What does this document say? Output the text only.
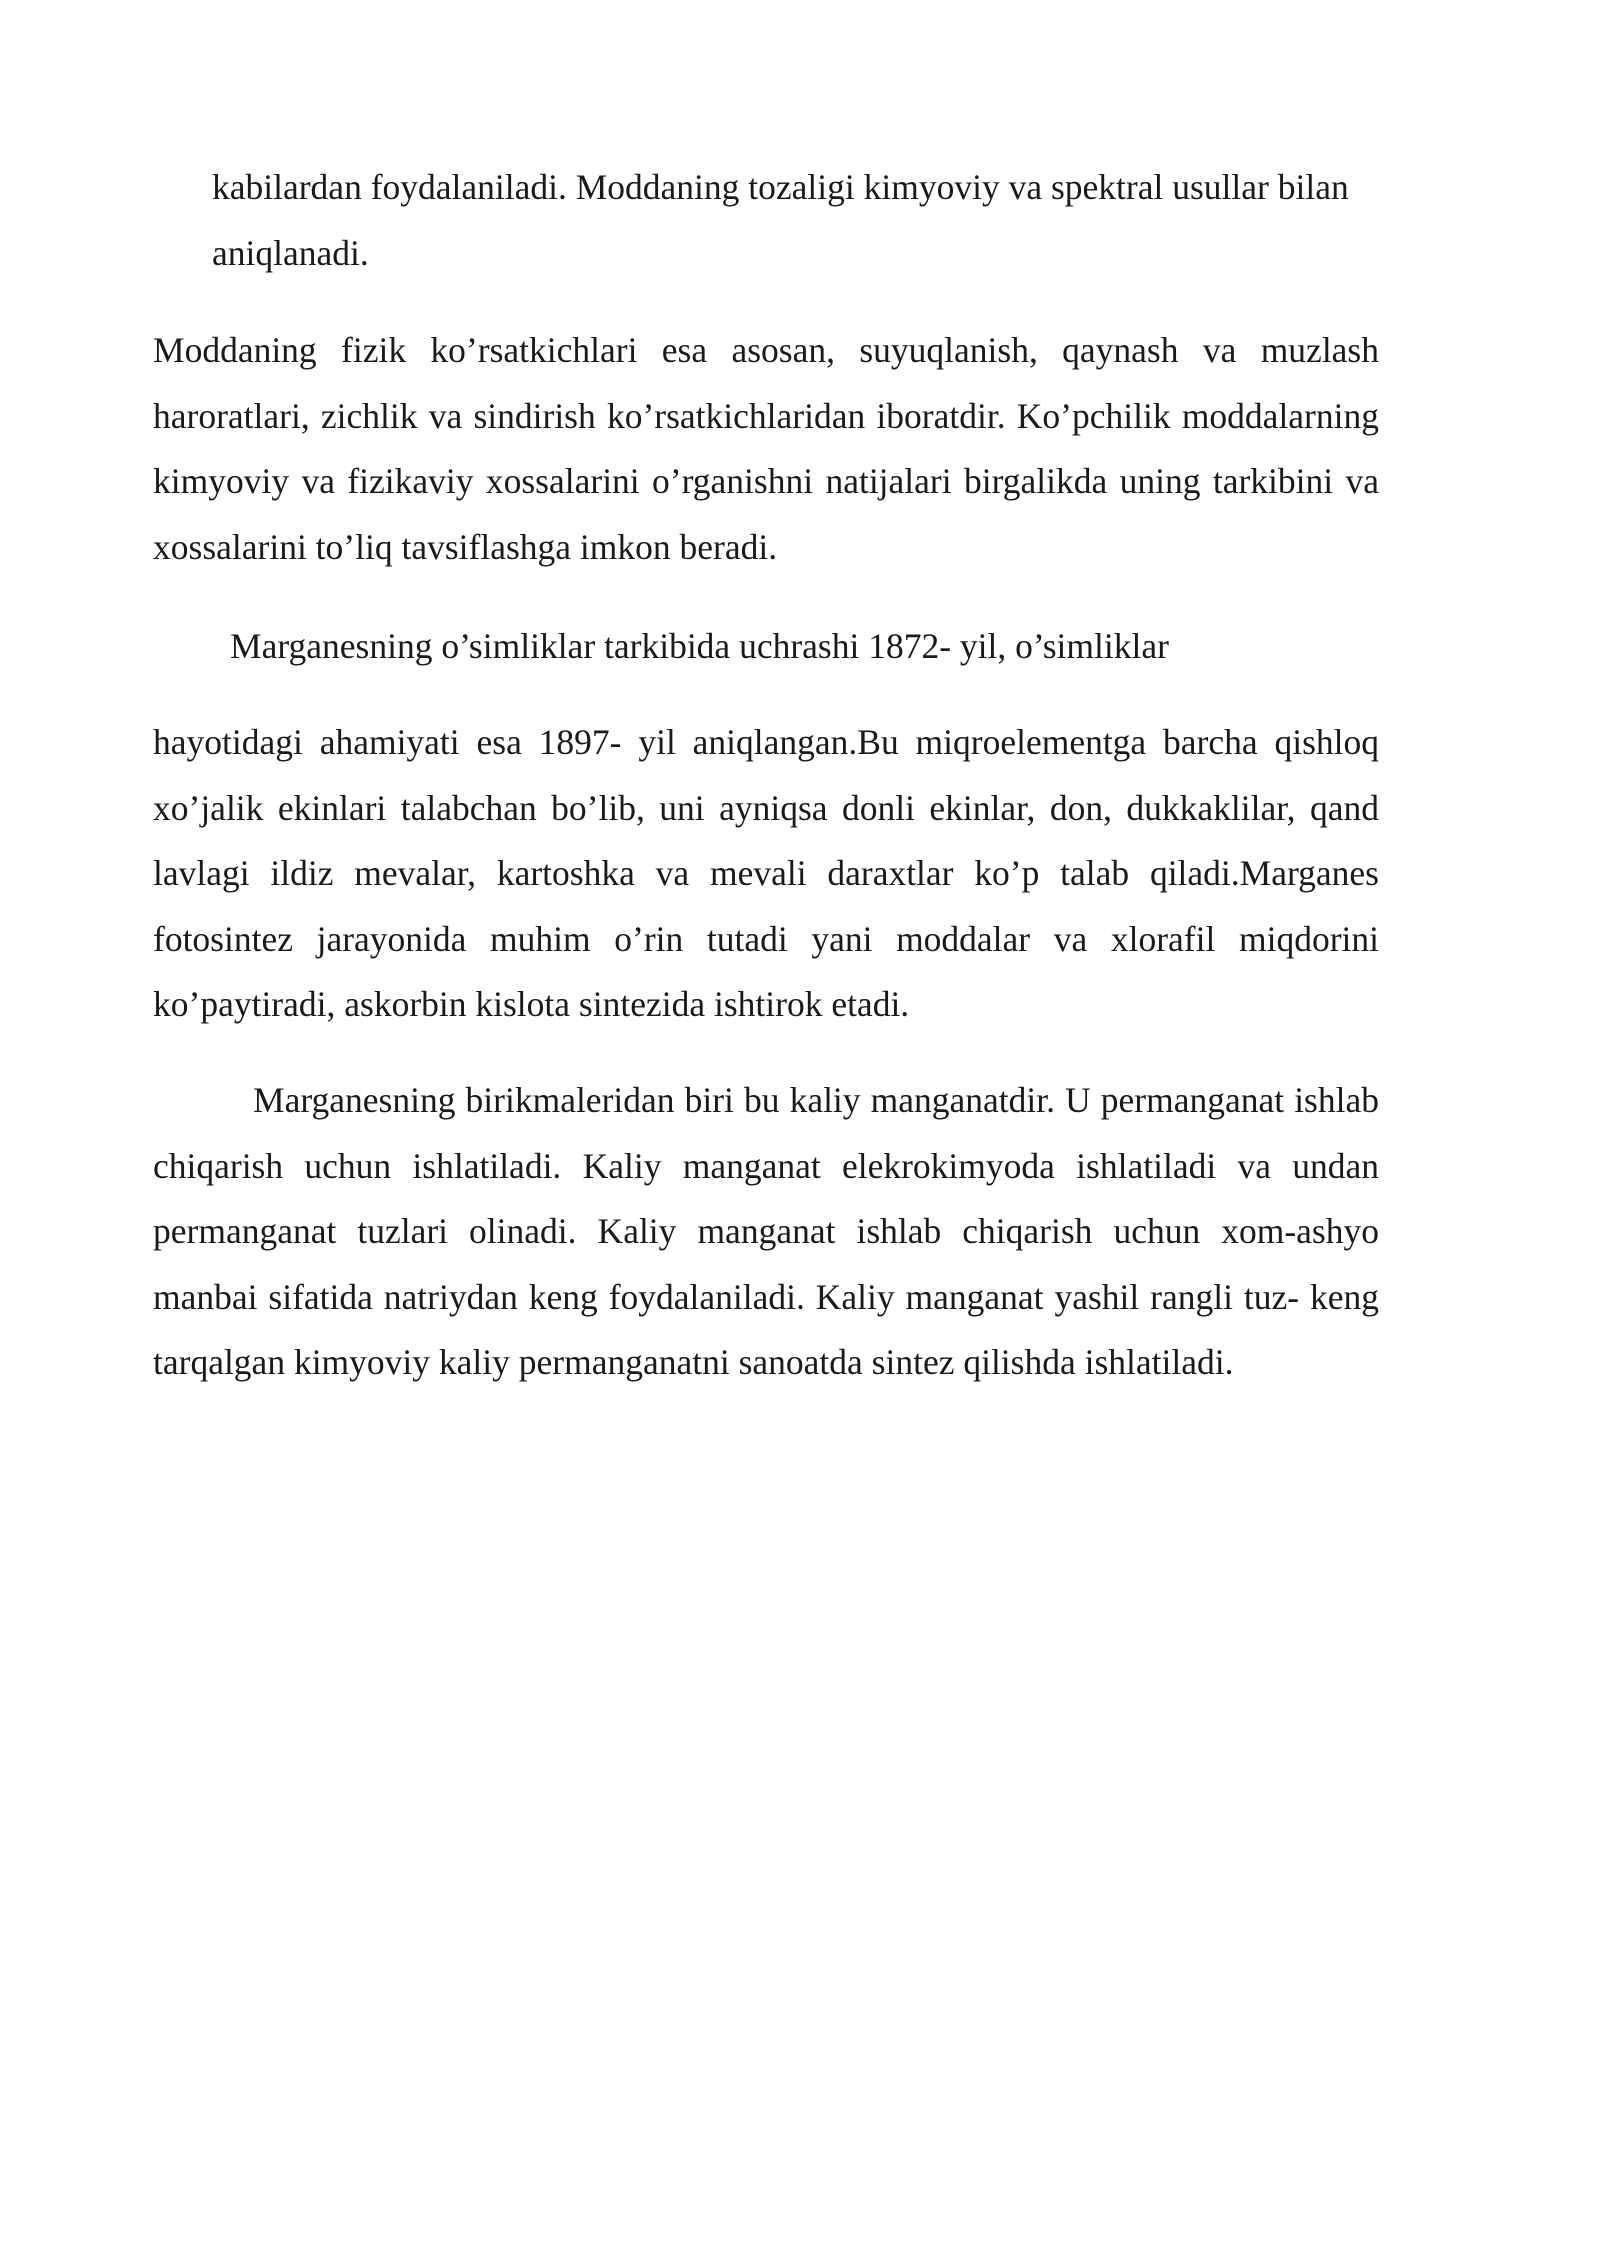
kabilardan foydalaniladi. Moddaning tozaligi kimyoviy va spektral usullar bilan aniqlanadi.

Moddaning fizik ko’rsatkichlari esa asosan, suyuqlanish, qaynash va muzlash haroratlari, zichlik va sindirish ko’rsatkichlaridan iboratdir. Ko’pchilik moddalarning kimyoviy va fizikaviy xossalarini o’rganishni natijalari birgalikda uning tarkibini va xossalarini to’liq tavsiflashga imkon beradi.

Marganesning o’simliklar tarkibida uchrashi 1872- yil, o’simliklar

hayotidagi ahamiyati esa 1897- yil aniqlangan.Bu miqroelementga barcha qishloq xo’jalik ekinlari talabchan bo’lib, uni ayniqsa donli ekinlar, don, dukkaklilar, qand lavlagi ildiz mevalar, kartoshka va mevali daraxtlar ko’p talab qiladi.Marganes fotosintez jarayonida muhim o’rin tutadi yani moddalar va xlorafil miqdorini ko’paytiradi, askorbin kislota sintezida ishtirok etadi.

Marganesning birikmaleridan biri bu kaliy manganatdir. U permanganat ishlab chiqarish uchun ishlatiladi. Kaliy manganat elekrokimyoda ishlatiladi va undan permanganat tuzlari olinadi. Kaliy manganat ishlab chiqarish uchun xom-ashyo manbai sifatida natriydan keng foydalaniladi. Kaliy manganat yashil rangli tuz- keng tarqalgan kimyoviy kaliy permanganatni sanoatda sintez qilishda ishlatiladi.
